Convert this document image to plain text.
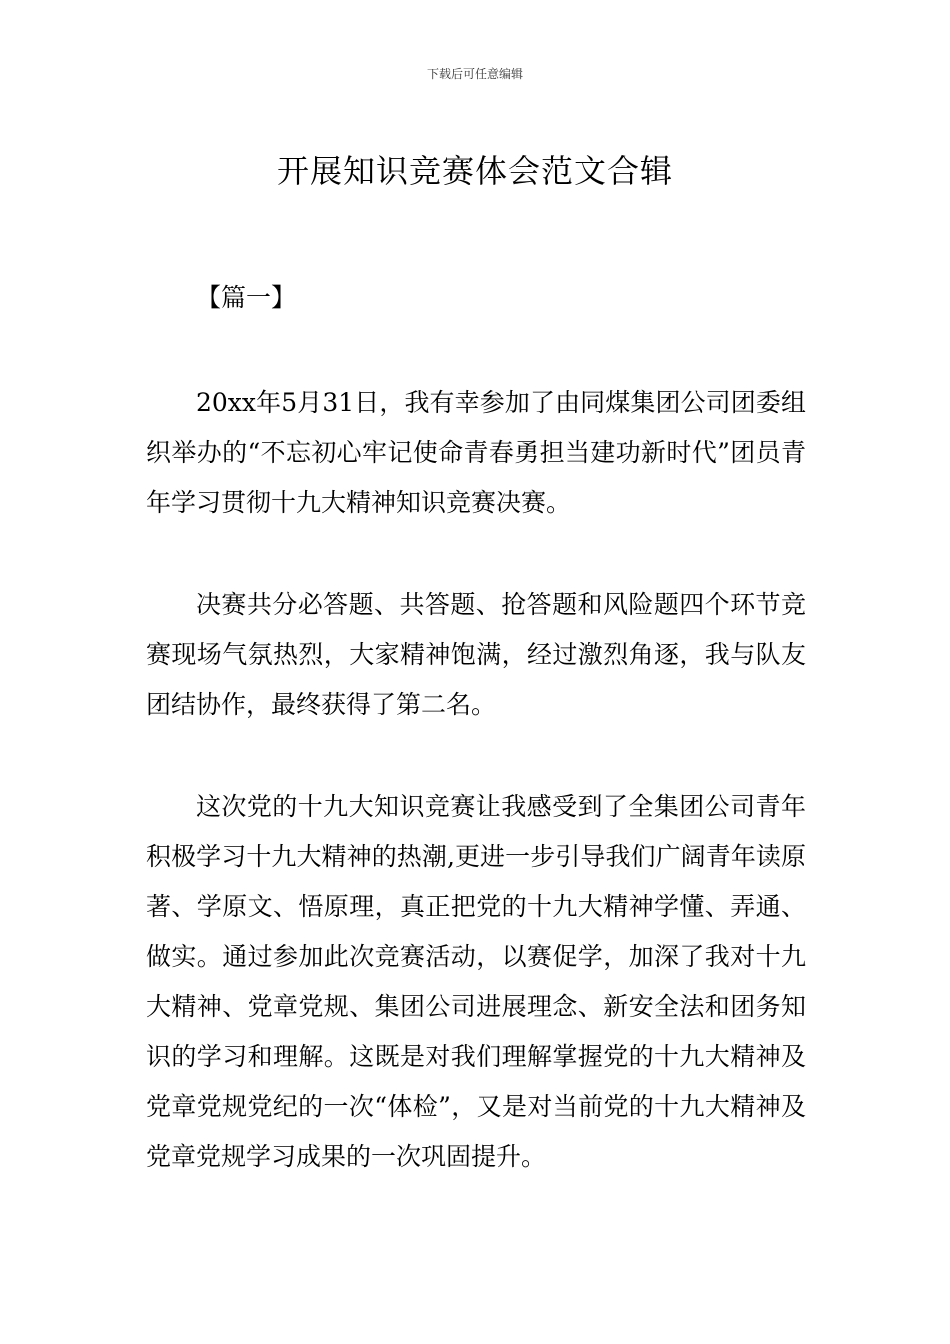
下载后可任意编辑
开展知识竞赛体会范文合辑
【篇一】

20xx年5月31日，我有幸参加了由同煤集团公司团委组织举办的“不忘初心牢记使命青春勇担当建功新时代”团员青年学习贯彻十九大精神知识竞赛决赛。

决赛共分必答题、共答题、抢答题和风险题四个环节竞赛现场气氛热烈，大家精神饱满，经过激烈角逐，我与队友团结协作，最终获得了第二名。

这次党的十九大知识竞赛让我感受到了全集团公司青年积极学习十九大精神的热潮,更进一步引导我们广阔青年读原著、学原文、悟原理，真正把党的十九大精神学懂、弄通、做实。通过参加此次竞赛活动，以赛促学，加深了我对十九大精神、党章党规、集团公司进展理念、新安全法和团务知识的学习和理解。这既是对我们理解掌握党的十九大精神及党章党规党纪的一次“体检”，又是对当前党的十九大精神及党章党规学习成果的一次巩固提升。
